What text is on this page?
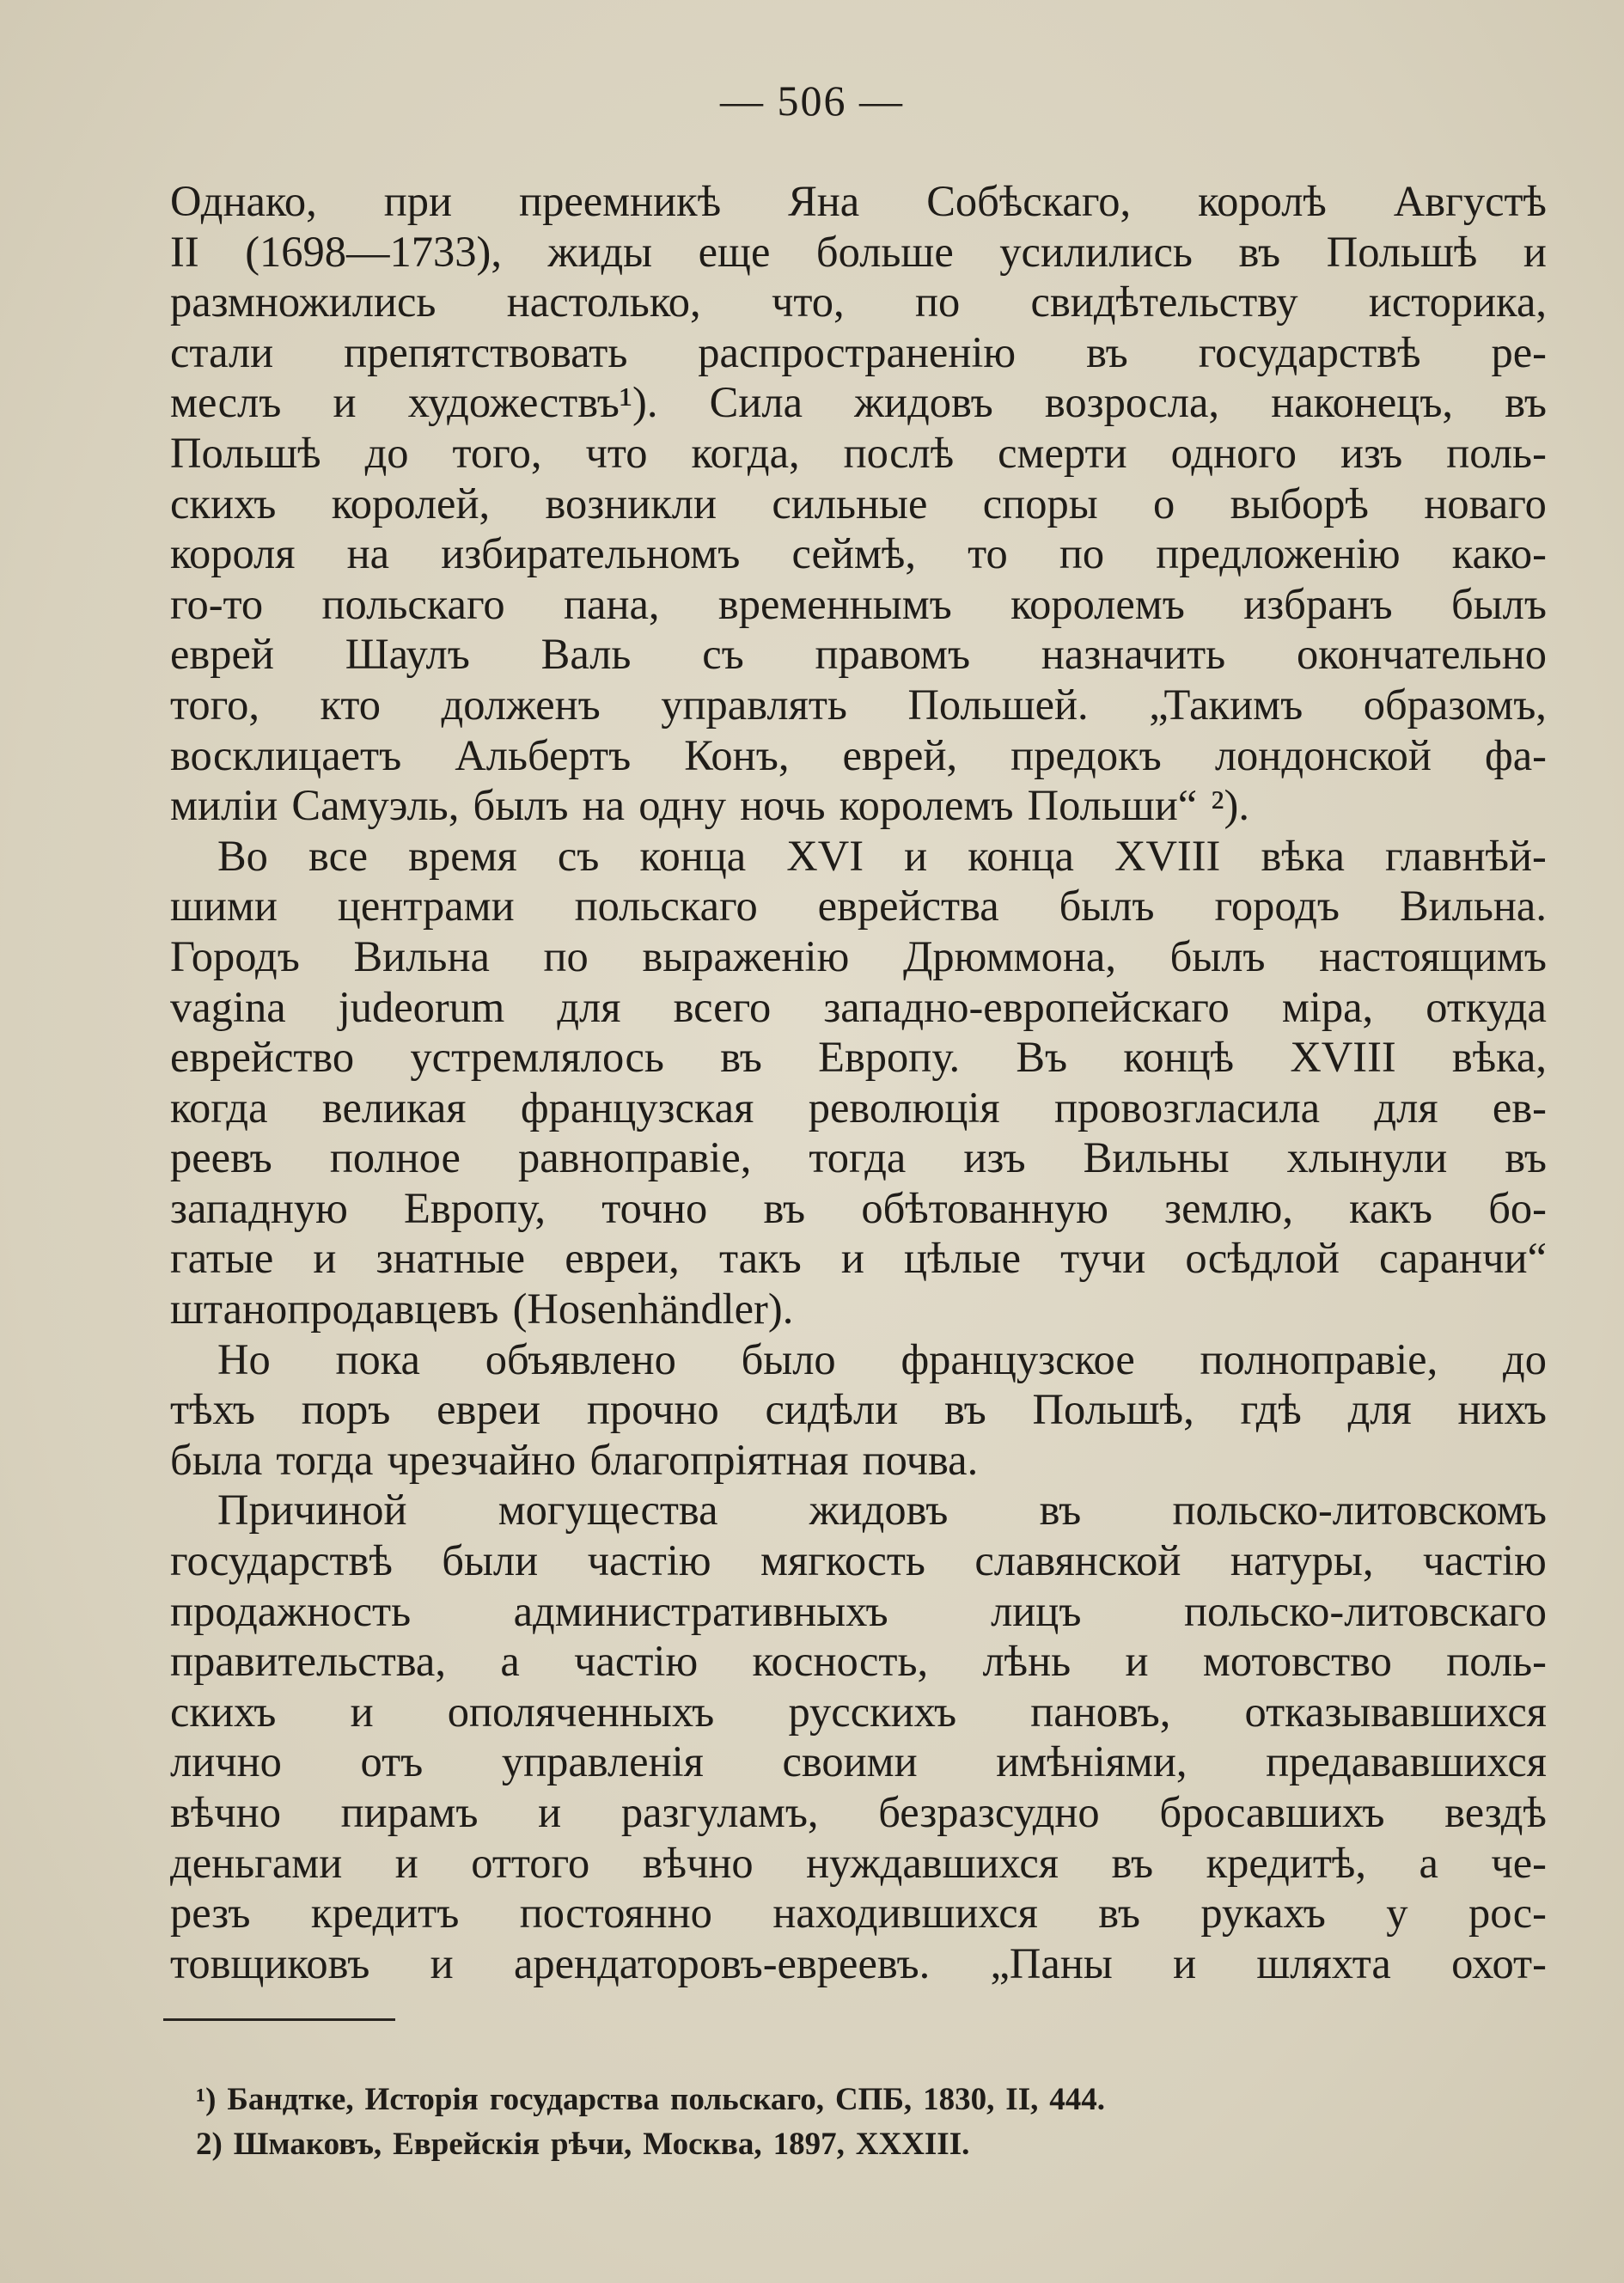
— 506 —
Однако, при преемникѣ Яна Собѣскаго, королѣ Августѣ
II (1698—1733), жиды еще больше усилились въ Польшѣ и
размножились настолько, что, по свидѣтельству историка,
стали препятствовать распространенію въ государствѣ ре-
меслъ и художествъ¹). Сила жидовъ возросла, наконецъ, въ
Польшѣ до того, что когда, послѣ смерти одного изъ поль-
скихъ королей, возникли сильные споры о выборѣ новаго
короля на избирательномъ сеймѣ, то по предложенію како-
го-то польскаго пана, временнымъ королемъ избранъ былъ
еврей Шаулъ Валь съ правомъ назначить окончательно
того, кто долженъ управлять Польшей. „Такимъ образомъ,
восклицаетъ Альбертъ Конъ, еврей, предокъ лондонской фа-
миліи Самуэль, былъ на одну ночь королемъ Польши“ ²).
Во все время съ конца XVI и конца XVIII вѣка главнѣй-
шими центрами польскаго еврейства былъ городъ Вильна.
Городъ Вильна по выраженію Дрюммона, былъ настоящимъ
vagina judeorum для всего западно-европейскаго міра, откуда
еврейство устремлялось въ Европу. Въ концѣ XVIII вѣка,
когда великая французская революція провозгласила для ев-
реевъ полное равноправіе, тогда изъ Вильны хлынули въ
западную Европу, точно въ обѣтованную землю, какъ бо-
гатые и знатные евреи, такъ и цѣлые тучи осѣдлой саранчи“
штанопродавцевъ (Hosenhändler).
Но пока объявлено было французское полноправіе, до
тѣхъ поръ евреи прочно сидѣли въ Польшѣ, гдѣ для нихъ
была тогда чрезчайно благопріятная почва.
Причиной могущества жидовъ въ польско-литовскомъ
государствѣ были частію мягкость славянской натуры, частію
продажность административныхъ лицъ польско-литовскаго
правительства, а частію косность, лѣнь и мотовство поль-
скихъ и ополяченныхъ русскихъ пановъ, отказывавшихся
лично отъ управленія своими имѣніями, предававшихся
вѣчно пирамъ и разгуламъ, безразсудно бросавшихъ вездѣ
деньгами и оттого вѣчно нуждавшихся въ кредитѣ, а че-
резъ кредитъ постоянно находившихся въ рукахъ у рос-
товщиковъ и арендаторовъ-евреевъ. „Паны и шляхта охот-
¹) Бандтке, Исторія государства польскаго, СПБ, 1830, II, 444.
2) Шмаковъ, Еврейскія рѣчи, Москва, 1897, XXXIII.
